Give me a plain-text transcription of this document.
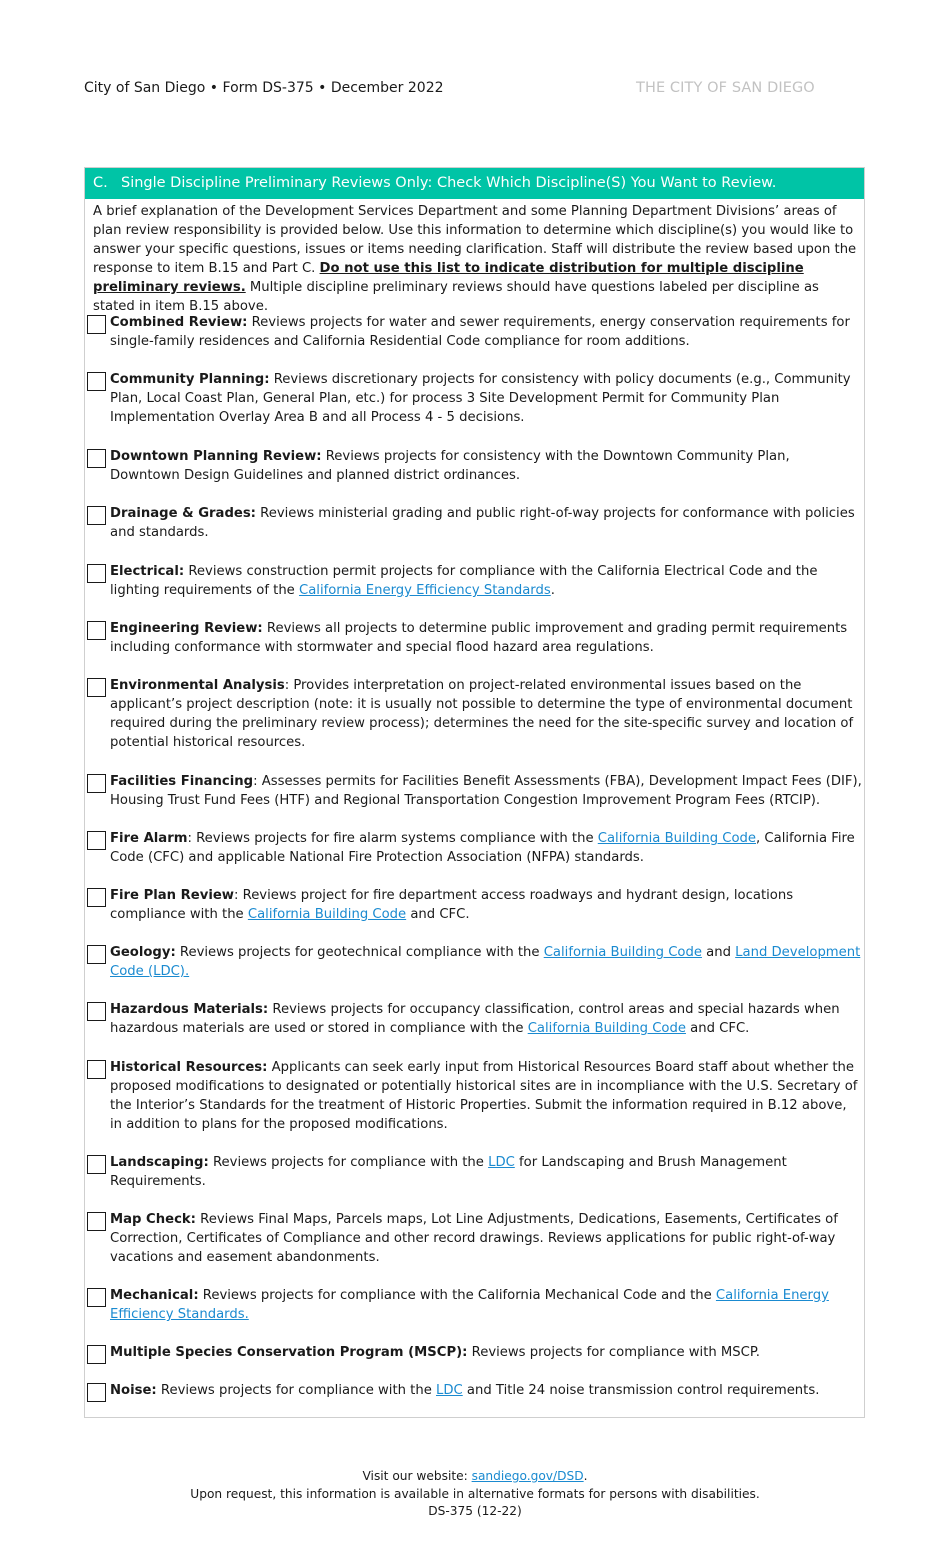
City of San Diego • Form DS-375 • December 2022	THE CITY OF SAN DIEGO
C. Single Discipline Preliminary Reviews Only: Check Which Discipline(S) You Want to Review.
A brief explanation of the Development Services Department and some Planning Department Divisions’ areas of plan review responsibility is provided below. Use this information to determine which discipline(s) you would like to answer your specific questions, issues or items needing clarification. Staff will distribute the review based upon the response to item B.15 and Part C. Do not use this list to indicate distribution for multiple discipline preliminary reviews. Multiple discipline preliminary reviews should have questions labeled per discipline as stated in item B.15 above.
Combined Review: Reviews projects for water and sewer requirements, energy conservation requirements for single-family residences and California Residential Code compliance for room additions.
Community Planning: Reviews discretionary projects for consistency with policy documents (e.g., Community Plan, Local Coast Plan, General Plan, etc.) for process 3 Site Development Permit for Community Plan Implementation Overlay Area B and all Process 4 - 5 decisions.
Downtown Planning Review: Reviews projects for consistency with the Downtown Community Plan, Downtown Design Guidelines and planned district ordinances.
Drainage & Grades: Reviews ministerial grading and public right-of-way projects for conformance with policies and standards.
Electrical: Reviews construction permit projects for compliance with the California Electrical Code and the lighting requirements of the California Energy Efficiency Standards.
Engineering Review: Reviews all projects to determine public improvement and grading permit requirements including conformance with stormwater and special flood hazard area regulations.
Environmental Analysis: Provides interpretation on project-related environmental issues based on the applicant’s project description (note: it is usually not possible to determine the type of environmental document required during the preliminary review process); determines the need for the site-specific survey and location of potential historical resources.
Facilities Financing: Assesses permits for Facilities Benefit Assessments (FBA), Development Impact Fees (DIF), Housing Trust Fund Fees (HTF) and Regional Transportation Congestion Improvement Program Fees (RTCIP).
Fire Alarm: Reviews projects for fire alarm systems compliance with the California Building Code, California Fire Code (CFC) and applicable National Fire Protection Association (NFPA) standards.
Fire Plan Review: Reviews project for fire department access roadways and hydrant design, locations compliance with the California Building Code and CFC.
Geology: Reviews projects for geotechnical compliance with the California Building Code and Land Development Code (LDC).
Hazardous Materials: Reviews projects for occupancy classification, control areas and special hazards when hazardous materials are used or stored in compliance with the California Building Code and CFC.
Historical Resources: Applicants can seek early input from Historical Resources Board staff about whether the proposed modifications to designated or potentially historical sites are in incompliance with the U.S. Secretary of the Interior’s Standards for the treatment of Historic Properties. Submit the information required in B.12 above, in addition to plans for the proposed modifications.
Landscaping: Reviews projects for compliance with the LDC for Landscaping and Brush Management Requirements.
Map Check: Reviews Final Maps, Parcels maps, Lot Line Adjustments, Dedications, Easements, Certificates of Correction, Certificates of Compliance and other record drawings. Reviews applications for public right-of-way vacations and easement abandonments.
Mechanical: Reviews projects for compliance with the California Mechanical Code and the California Energy Efficiency Standards.
Multiple Species Conservation Program (MSCP): Reviews projects for compliance with MSCP.
Noise: Reviews projects for compliance with the LDC and Title 24 noise transmission control requirements.
Visit our website: sandiego.gov/DSD.
Upon request, this information is available in alternative formats for persons with disabilities.
DS-375 (12-22)
